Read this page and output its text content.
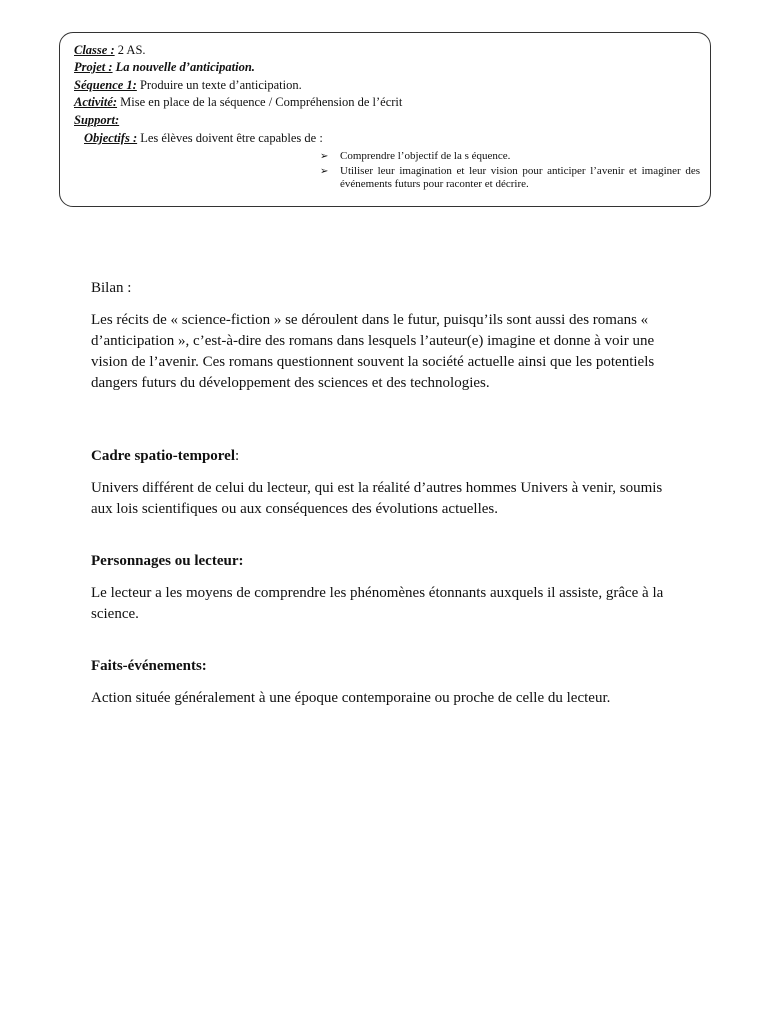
Classe : 2 AS.
Projet : La nouvelle d’anticipation.
Séquence 1: Produire un texte d’anticipation.
Activité: Mise en place de la séquence / Compréhension de l’écrit
Support:
Objectifs : Les élèves doivent être capables de :
➢ Comprendre l’objectif de la s équence.
➢ Utiliser leur imagination et leur vision pour anticiper l’avenir et imaginer des événements futurs pour raconter et décrire.
Bilan :
Les récits de « science-fiction » se déroulent dans le futur, puisqu’ils sont aussi des romans « d’anticipation », c’est-à-dire des romans dans lesquels l’auteur(e) imagine et donne à voir une vision de l’avenir. Ces romans questionnent souvent la société actuelle ainsi que les potentiels dangers futurs du développement des sciences et des technologies.
Cadre spatio-temporel:
Univers différent de celui du lecteur, qui est la réalité d’autres hommes Univers à venir, soumis aux lois scientifiques ou aux conséquences des évolutions actuelles.
Personnages ou lecteur:
Le lecteur a les moyens de comprendre les phénomènes étonnants auxquels il assiste, grâce à la science.
Faits-événements:
Action située généralement à une époque contemporaine ou proche de celle du lecteur.
